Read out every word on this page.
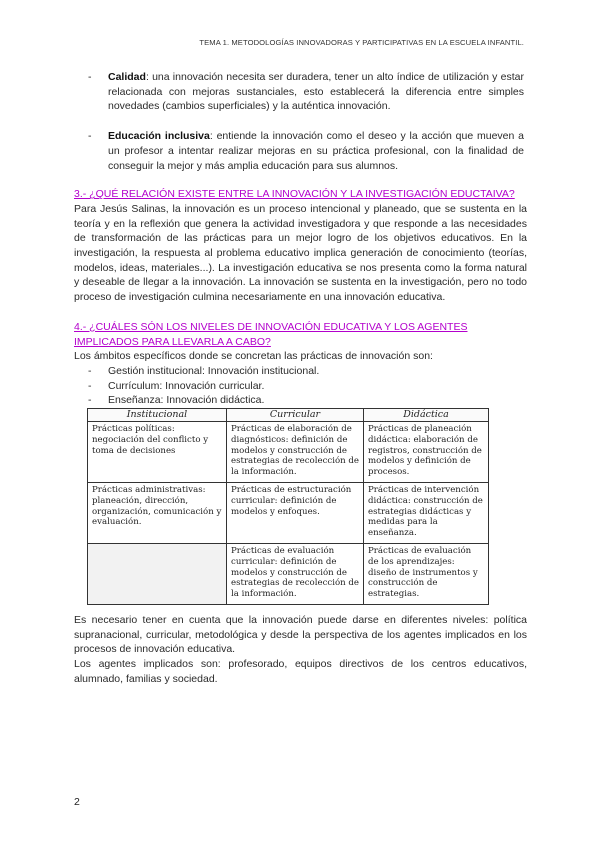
TEMA 1. METODOLOGÍAS INNOVADORAS Y PARTICIPATIVAS EN LA ESCUELA INFANTIL.
-	Calidad: una innovación necesita ser duradera, tener un alto índice de utilización y estar relacionada con mejoras sustanciales, esto establecerá la diferencia entre simples novedades (cambios superficiales) y la auténtica innovación.
-	Educación inclusiva: entiende la innovación como el deseo y la acción que mueven a un profesor a intentar realizar mejoras en su práctica profesional, con la finalidad de conseguir la mejor y más amplia educación para sus alumnos.

3.- ¿QUÉ RELACIÓN EXISTE ENTRE LA INNOVACIÓN Y LA INVESTIGACIÓN EDUCTAIVA?

Para Jesús Salinas, la innovación es un proceso intencional y planeado, que se sustenta en la teoría y en la reflexión que genera la actividad investigadora y que responde a las necesidades de transformación de las prácticas para un mejor logro de los objetivos educativos. En la investigación, la respuesta al problema educativo implica generación de conocimiento (teorías, modelos, ideas, materiales...). La investigación educativa se nos presenta como la forma natural y deseable de llegar a la innovación. La innovación se sustenta en la investigación, pero no todo proceso de investigación culmina necesariamente en una innovación educativa.

4.- ¿CUÁLES SÓN LOS NIVELES DE INNOVACIÓN EDUCATIVA Y LOS AGENTES IMPLICADOS PARA LLEVARLA A CABO?

Los ámbitos específicos donde se concretan las prácticas de innovación son:

-	Gestión institucional: Innovación institucional.
-	Currículum: Innovación curricular.
-	Enseñanza: Innovación didáctica.
Institucional	Curricular	Didáctica
Prácticas políticas: negociación del conflicto y toma de decisiones	Prácticas de elaboración de diagnósticos: definición de modelos y construcción de estrategias de recolección de la información.	Prácticas de planeación didáctica: elaboración de registros, construcción de modelos y definición de procesos.
Prácticas administrativas: planeación, dirección, organización, comunicación y evaluación.	Prácticas de estructuración curricular: definición de modelos y enfoques.	Prácticas de intervención didáctica: construcción de estrategias didácticas y medidas para la enseñanza.
	Prácticas de evaluación curricular: definición de modelos y construcción de estrategias de recolección de la información.	Prácticas de evaluación de los aprendizajes: diseño de instrumentos y construcción de estrategias.

Es necesario tener en cuenta que la innovación puede darse en diferentes niveles: política supranacional, curricular, metodológica y desde la perspectiva de los agentes implicados en los procesos de innovación educativa.

Los agentes implicados son: profesorado, equipos directivos de los centros educativos, alumnado, familias y sociedad.

2
